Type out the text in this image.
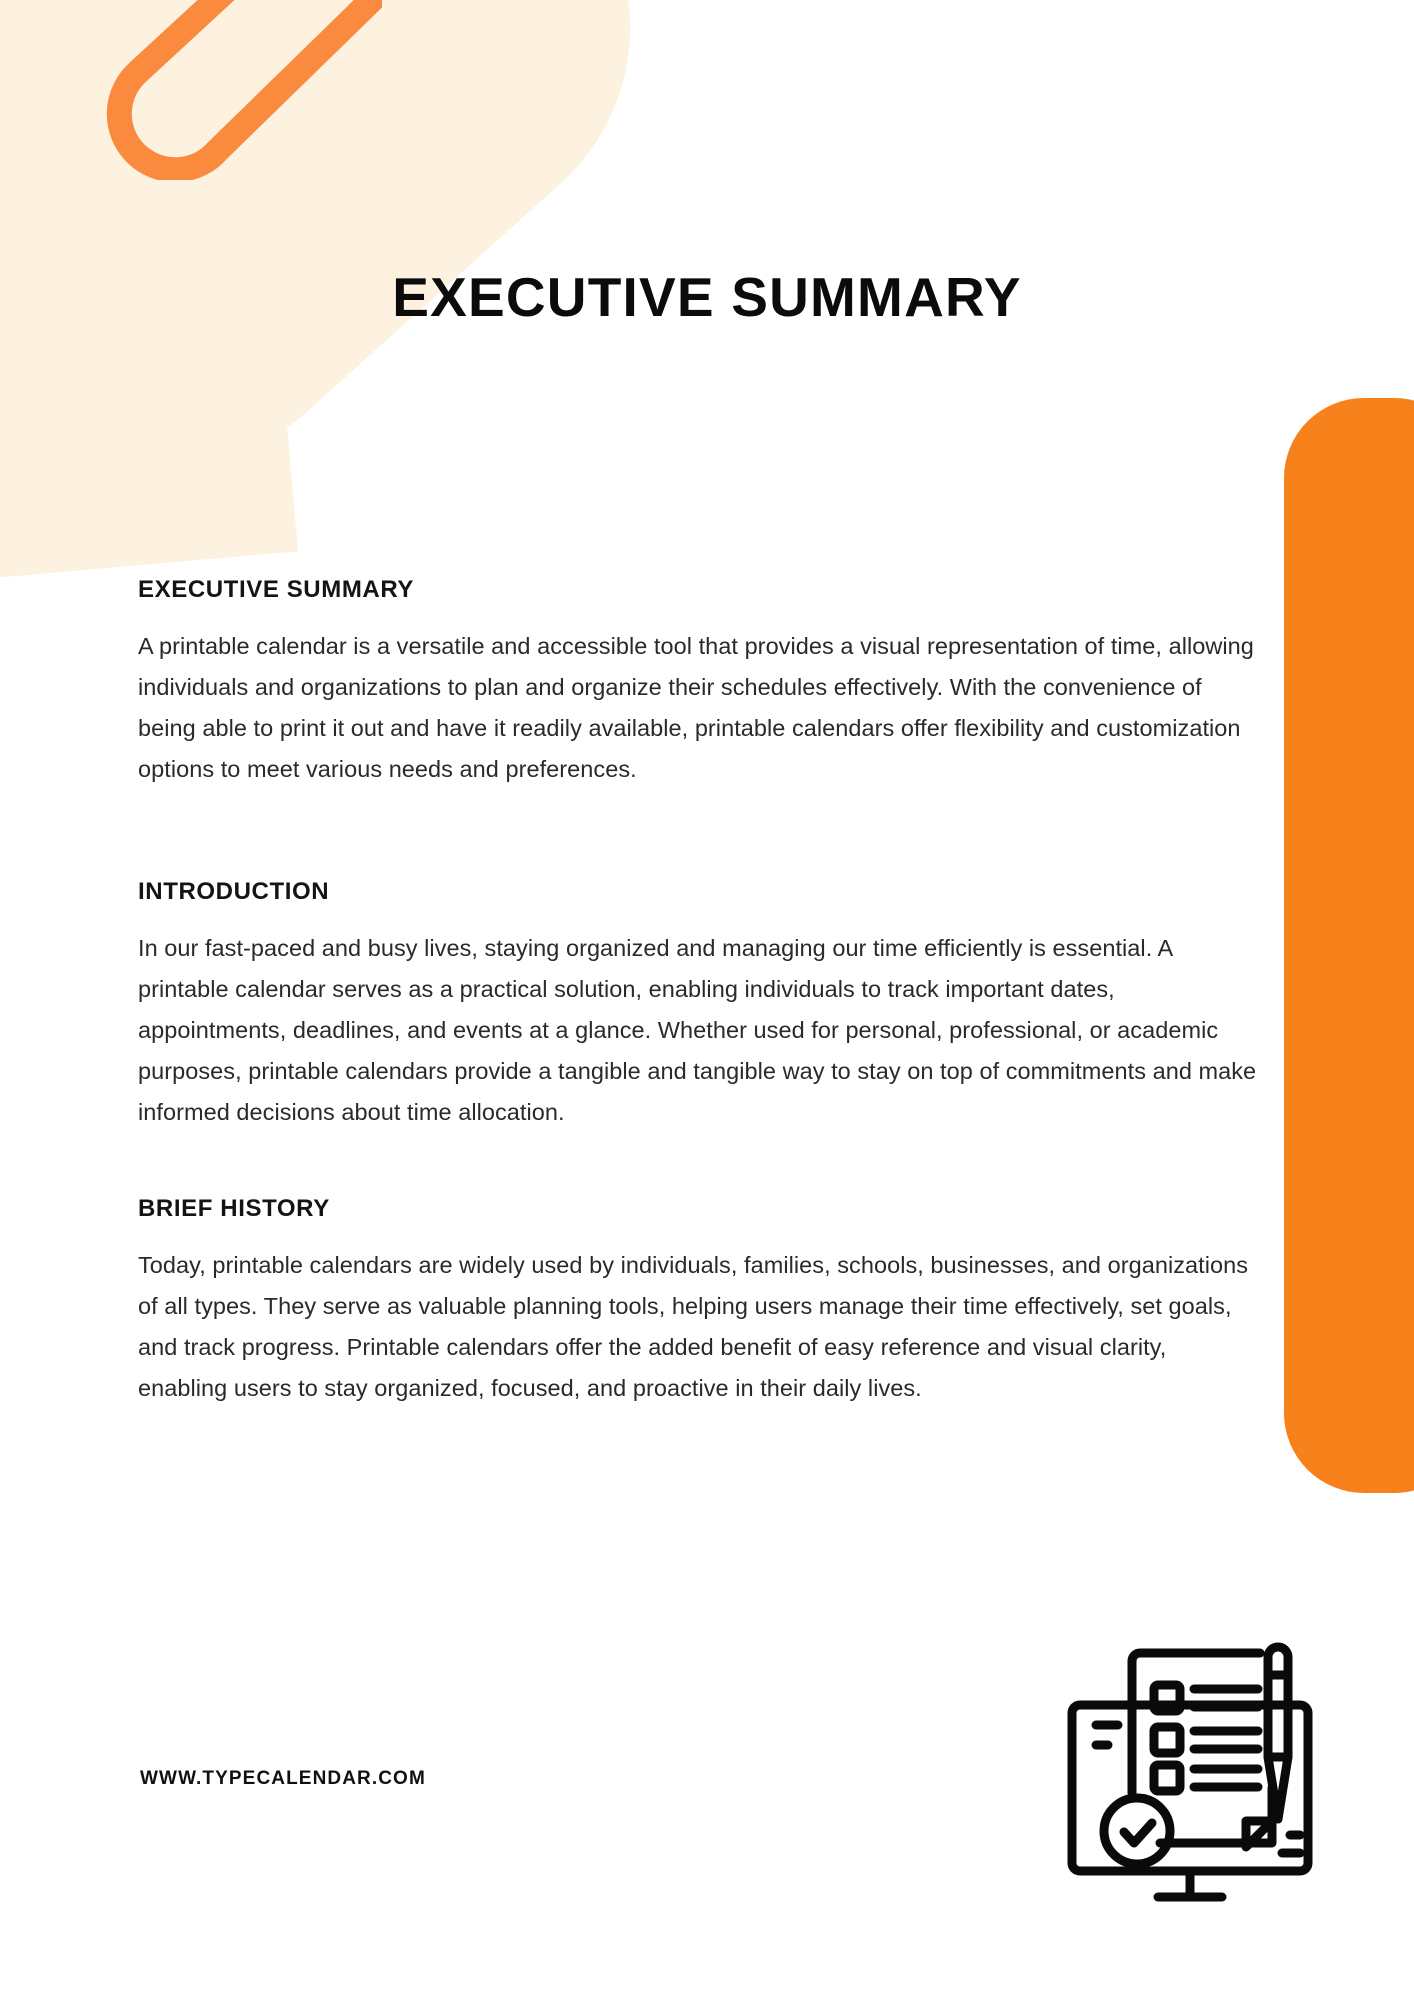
EXECUTIVE SUMMARY
EXECUTIVE SUMMARY

A printable calendar is a versatile and accessible tool that provides a visual representation of time, allowing individuals and organizations to plan and organize their schedules effectively. With the convenience of being able to print it out and have it readily available, printable calendars offer flexibility and customization options to meet various needs and preferences.

INTRODUCTION

In our fast-paced and busy lives, staying organized and managing our time efficiently is essential. A printable calendar serves as a practical solution, enabling individuals to track important dates, appointments, deadlines, and events at a glance. Whether used for personal, professional, or academic purposes, printable calendars provide a tangible and tangible way to stay on top of commitments and make informed decisions about time allocation.

BRIEF HISTORY

Today, printable calendars are widely used by individuals, families, schools, businesses, and organizations of all types. They serve as valuable planning tools, helping users manage their time effectively, set goals, and track progress. Printable calendars offer the added benefit of easy reference and visual clarity, enabling users to stay organized, focused, and proactive in their daily lives.

WWW.TYPECALENDAR.COM
